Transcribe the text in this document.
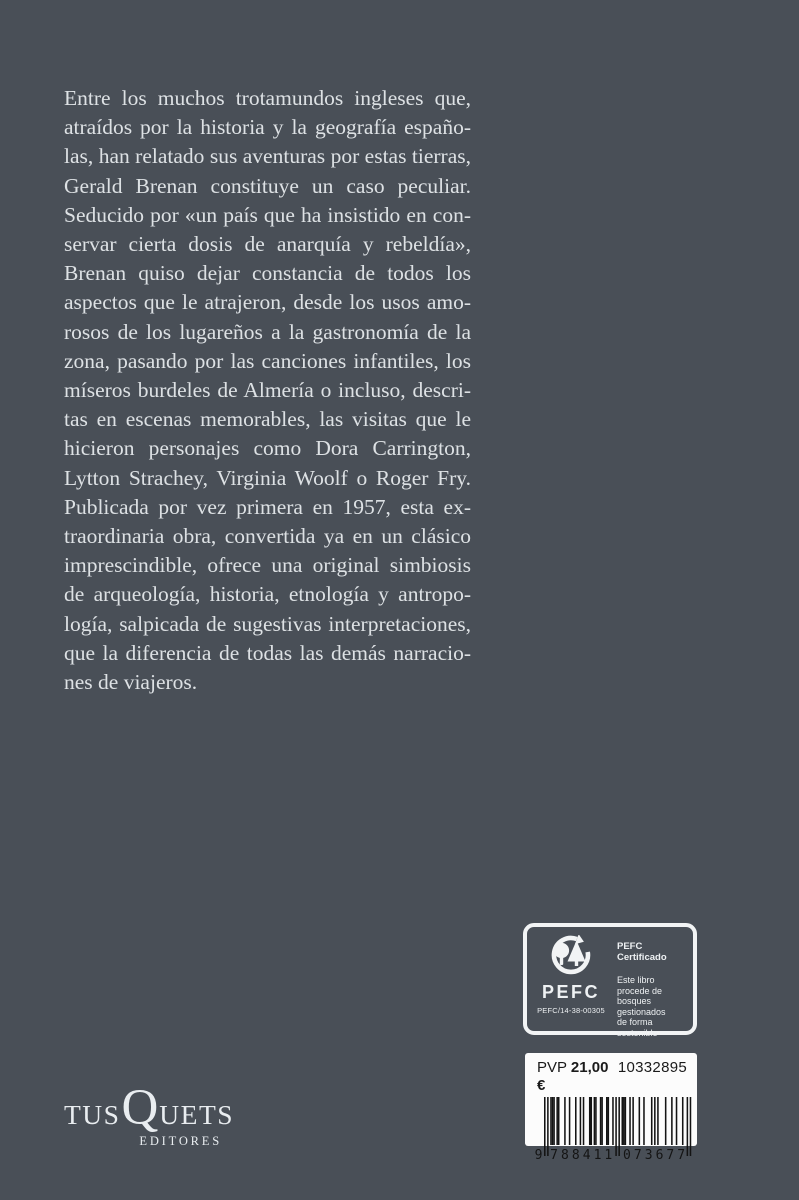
Entre los muchos trotamundos ingleses que,
atraídos por la historia y la geografía españo-
las, han relatado sus aventuras por estas tierras,
Gerald Brenan constituye un caso peculiar.
Seducido por «un país que ha insistido en con-
servar cierta dosis de anarquía y rebeldía»,
Brenan quiso dejar constancia de todos los
aspectos que le atrajeron, desde los usos amo-
rosos de los lugareños a la gastronomía de la
zona, pasando por las canciones infantiles, los
míseros burdeles de Almería o incluso, descri-
tas en escenas memorables, las visitas que le
hicieron personajes como Dora Carrington,
Lytton Strachey, Virginia Woolf o Roger Fry.
Publicada por vez primera en 1957, esta ex-
traordinaria obra, convertida ya en un clásico
imprescindible, ofrece una original simbiosis
de arqueología, historia, etnología y antropo-
logía, salpicada de sugestivas interpretaciones,
que la diferencia de todas las demás narracio-
nes de viajeros.
PEFC
PEFC/14-38-00305
PEFC Certificado
Este libro procede de
bosques gestionados
de forma sostenible
PVP 21,00 €
10332895
9 7 8 8 4 1 1 0 7 3 6 7 7
TUS Q UETS
EDITORES
